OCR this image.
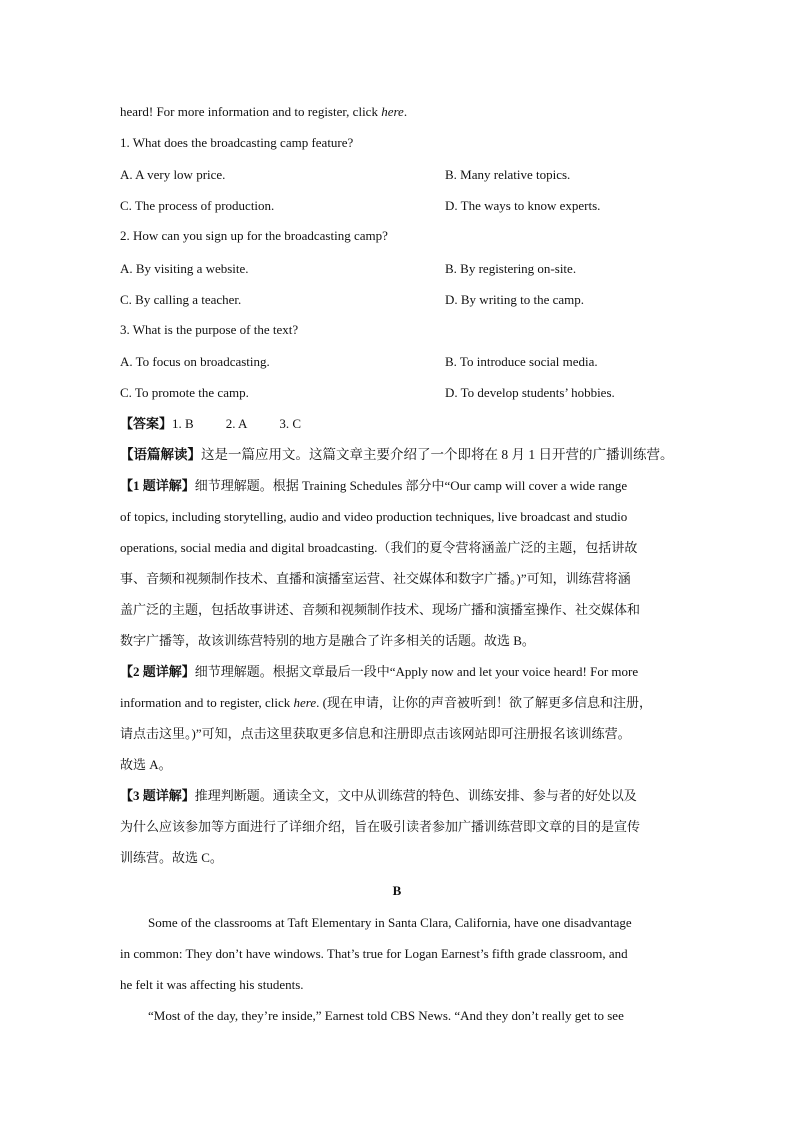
heard! For more information and to register, click here.
1. What does the broadcasting camp feature?
A. A very low price.	B. Many relative topics.
C. The process of production.	D. The ways to know experts.
2. How can you sign up for the broadcasting camp?
A. By visiting a website.	B. By registering on-site.
C. By calling a teacher.	D. By writing to the camp.
3. What is the purpose of the text?
A. To focus on broadcasting.	B. To introduce social media.
C. To promote the camp.	D. To develop students’ hobbies.
【答案】1. B 2. A 3. C
【语篇解读】这是一篇应用文。这篇文章主要介绍了一个即将在 8 月 1 日开营的广播训练营。
【1 题详解】细节理解题。根据 Training Schedules 部分中“Our camp will cover a wide range
of topics, including storytelling, audio and video production techniques, live broadcast and studio
operations, social media and digital broadcasting.（我们的夏令营将涵盖广泛的主题，包括讲故
事、音频和视频制作技术、直播和演播室运营、社交媒体和数字广播。)”可知，训练营将涵
盖广泛的主题，包括故事讲述、音频和视频制作技术、现场广播和演播室操作、社交媒体和
数字广播等，故该训练营特别的地方是融合了许多相关的话题。故选 B。
【2 题详解】细节理解题。根据文章最后一段中“Apply now and let your voice heard! For more
information and to register, click here. (现在申请，让你的声音被听到！欲了解更多信息和注册，
请点击这里。)”可知，点击这里获取更多信息和注册即点击该网站即可注册报名该训练营。
故选 A。
【3 题详解】推理判断题。通读全文，文中从训练营的特色、训练安排、参与者的好处以及
为什么应该参加等方面进行了详细介绍，旨在吸引读者参加广播训练营即文章的目的是宣传
训练营。故选 C。
B
Some of the classrooms at Taft Elementary in Santa Clara, California, have one disadvantage
in common: They don’t have windows. That’s true for Logan Earnest’s fifth grade classroom, and
he felt it was affecting his students.
“Most of the day, they’re inside,” Earnest told CBS News. “And they don’t really get to see
